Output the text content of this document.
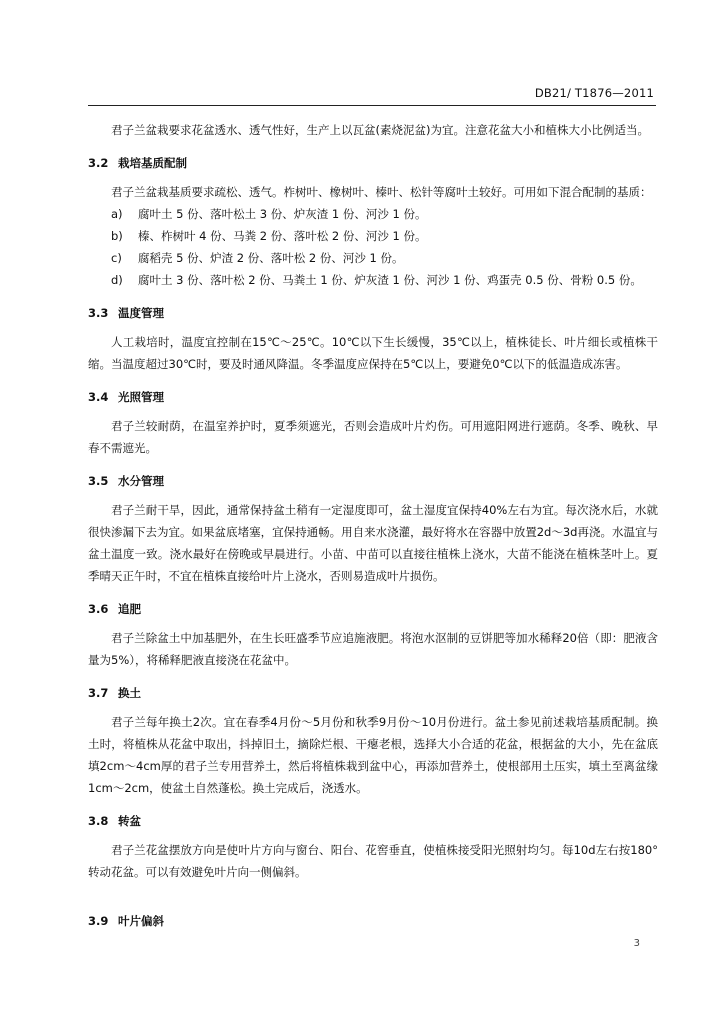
DB21/ T1876—2011

君子兰盆栽要求花盆透水、透气性好，生产上以瓦盆(素烧泥盆)为宜。注意花盆大小和植株大小比例适当。

3.2 栽培基质配制

君子兰盆栽基质要求疏松、透气。柞树叶、橡树叶、榛叶、松针等腐叶土较好。可用如下混合配制的基质：

a) 腐叶土 5 份、落叶松土 3 份、炉灰渣 1 份、河沙 1 份。
b) 榛、柞树叶 4 份、马粪 2 份、落叶松 2 份、河沙 1 份。
c) 腐稻壳 5 份、炉渣 2 份、落叶松 2 份、河沙 1 份。
d) 腐叶土 3 份、落叶松 2 份、马粪土 1 份、炉灰渣 1 份、河沙 1 份、鸡蛋壳 0.5 份、骨粉 0.5 份。
3.3 温度管理

人工栽培时，温度宜控制在15℃～25℃。10℃以下生长缓慢，35℃以上，植株徒长、叶片细长或植株干缩。当温度超过30℃时，要及时通风降温。冬季温度应保持在5℃以上，要避免0℃以下的低温造成冻害。

3.4 光照管理

君子兰较耐荫，在温室养护时，夏季须遮光，否则会造成叶片灼伤。可用遮阳网进行遮荫。冬季、晚秋、早春不需遮光。

3.5 水分管理

君子兰耐干旱，因此，通常保持盆土稍有一定湿度即可，盆土湿度宜保持40%左右为宜。每次浇水后，水就很快渗漏下去为宜。如果盆底堵塞，宜保持通畅。用自来水浇灌，最好将水在容器中放置2d～3d再浇。水温宜与盆土温度一致。浇水最好在傍晚或早晨进行。小苗、中苗可以直接往植株上浇水，大苗不能浇在植株茎叶上。夏季晴天正午时，不宜在植株直接给叶片上浇水，否则易造成叶片损伤。

3.6 追肥

君子兰除盆土中加基肥外，在生长旺盛季节应追施液肥。将泡水沤制的豆饼肥等加水稀释20倍（即：肥液含量为5%），将稀释肥液直接浇在花盆中。

3.7 换土

君子兰每年换土2次。宜在春季4月份～5月份和秋季9月份～10月份进行。盆土参见前述栽培基质配制。换土时，将植株从花盆中取出，抖掉旧土，摘除烂根、干瘪老根，选择大小合适的花盆，根据盆的大小，先在盆底填2cm～4cm厚的君子兰专用营养土，然后将植株栽到盆中心，再添加营养土，使根部用土压实，填土至离盆缘1cm～2cm，使盆土自然蓬松。换土完成后，浇透水。

3.8 转盆

君子兰花盆摆放方向是使叶片方向与窗台、阳台、花窖垂直，使植株接受阳光照射均匀。每10d左右按180° 转动花盆。可以有效避免叶片向一侧偏斜。

3.9 叶片偏斜
3
